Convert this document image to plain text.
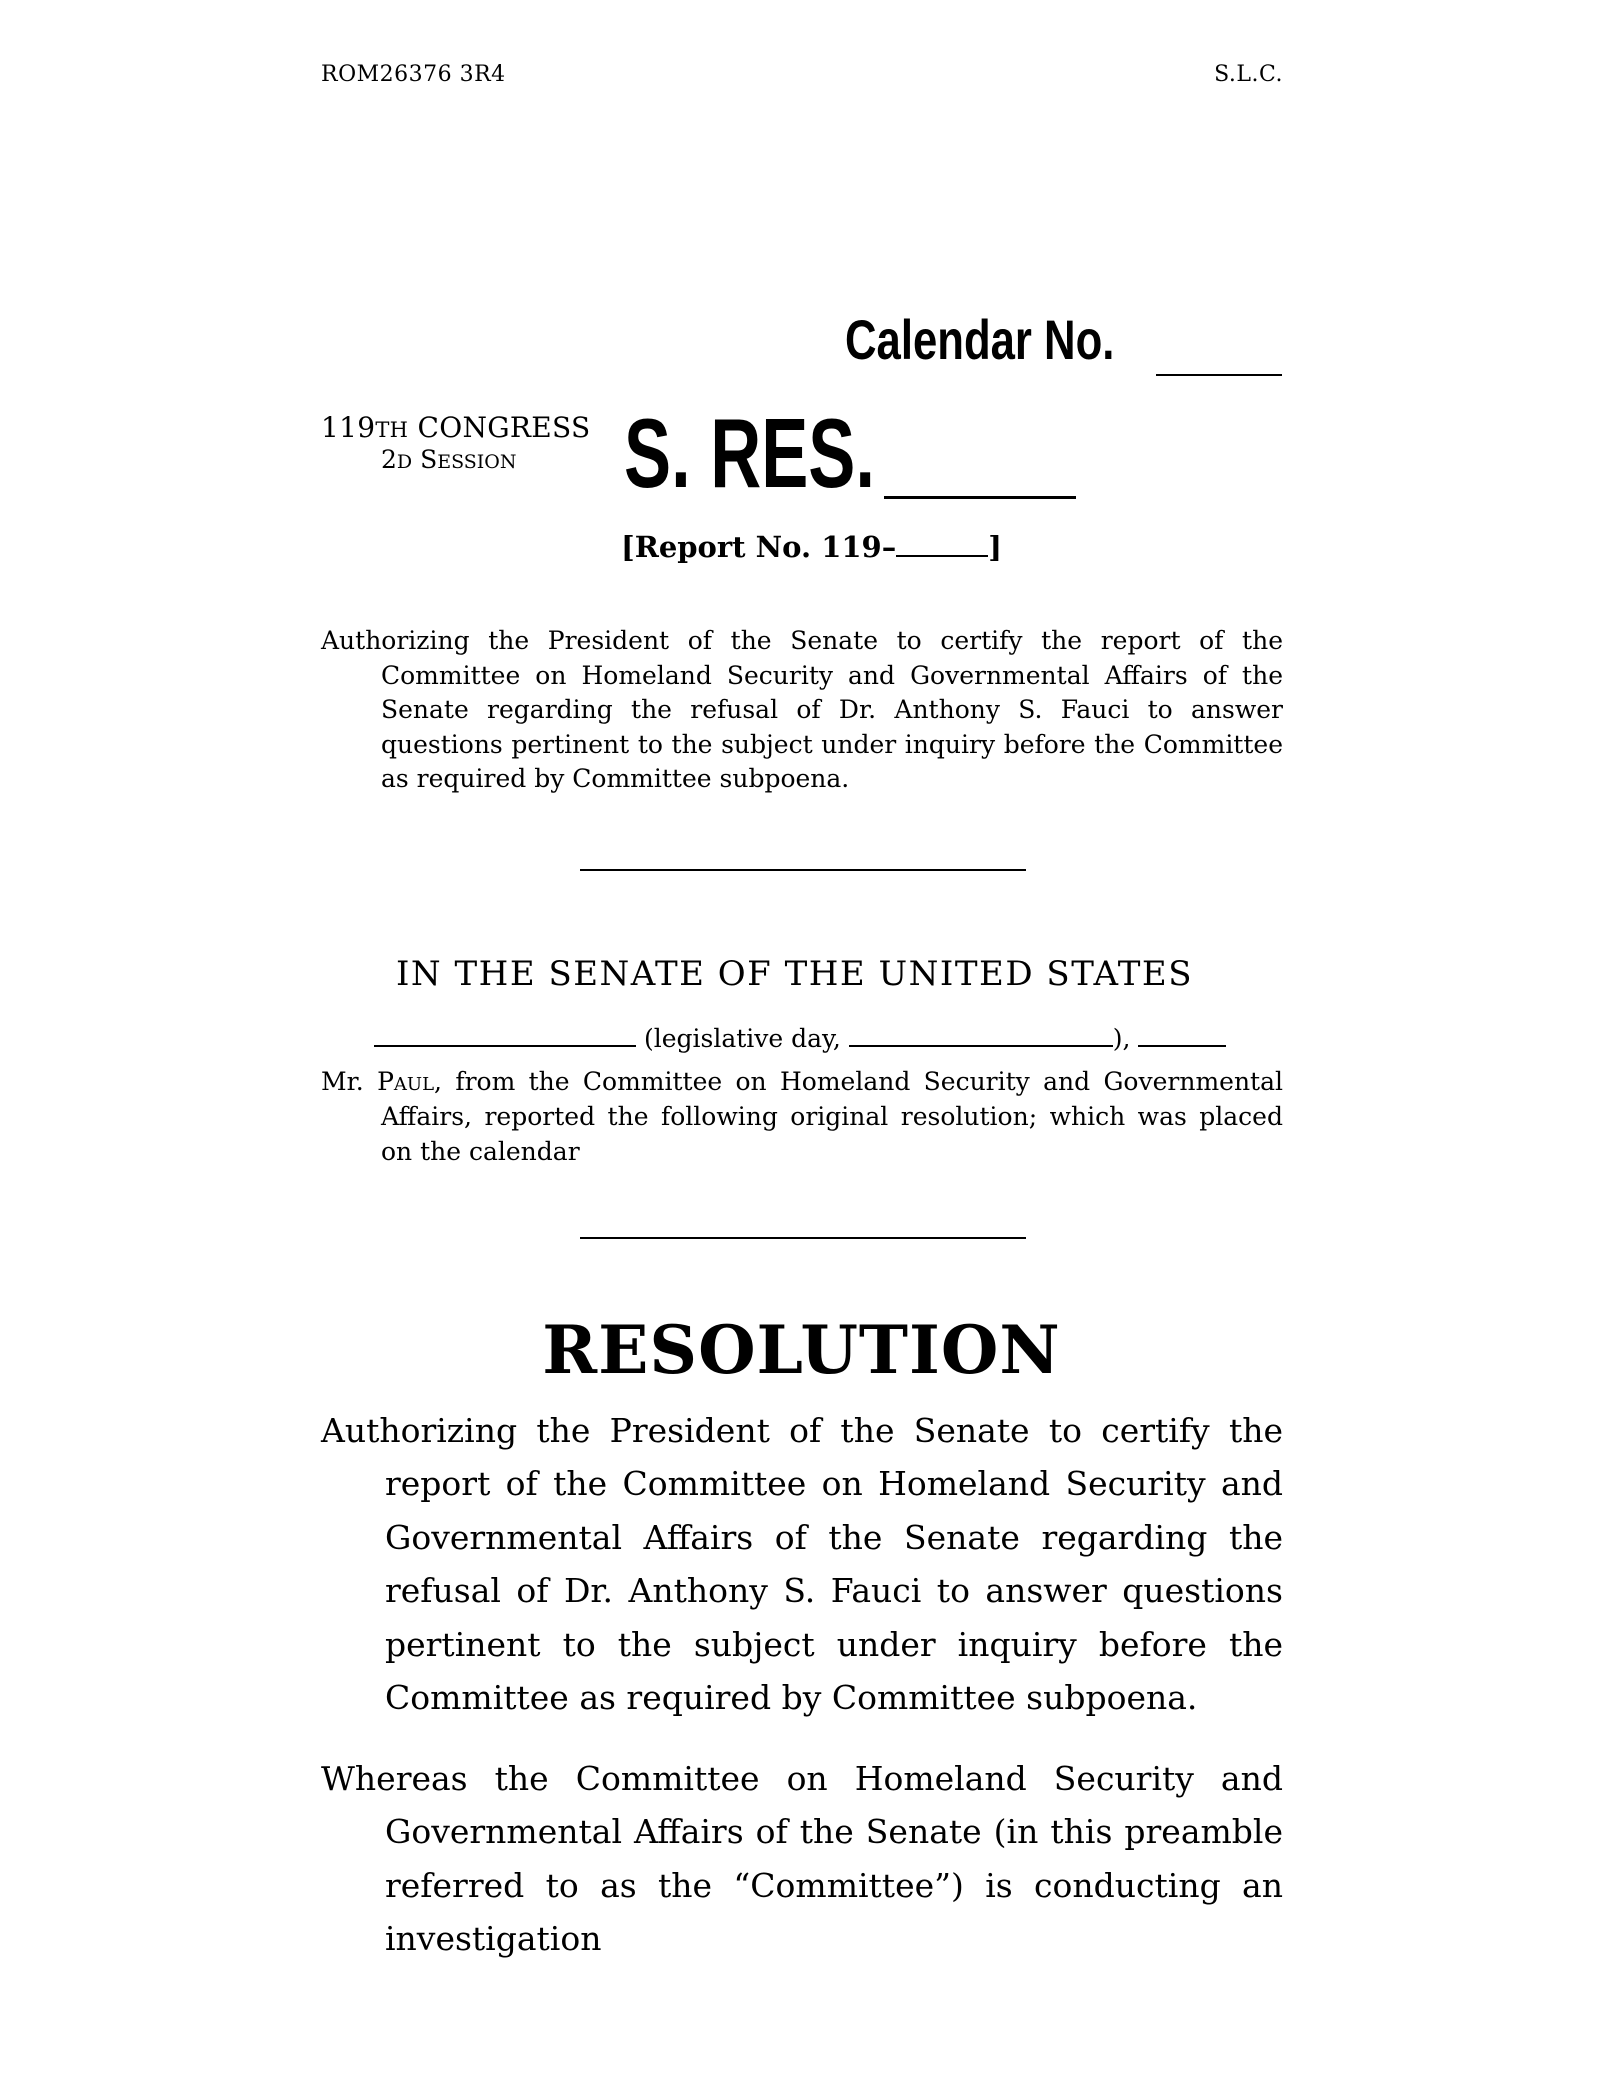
ROM26376 3R4	S.L.C.
Calendar No.
119TH CONGRESS
2D SESSION S. RES.
[Report No. 119–	]
Authorizing the President of the Senate to certify the report of the Committee on Homeland Security and Governmental Affairs of the Senate regarding the refusal of Dr. Anthony S. Fauci to answer questions pertinent to the subject under inquiry before the Committee as required by Committee subpoena.
IN THE SENATE OF THE UNITED STATES
(legislative day,	),
Mr. Paul, from the Committee on Homeland Security and Governmental Affairs, reported the following original resolution; which was placed on the calendar
RESOLUTION
Authorizing the President of the Senate to certify the report of the Committee on Homeland Security and Governmental Affairs of the Senate regarding the refusal of Dr. Anthony S. Fauci to answer questions pertinent to the subject under inquiry before the Committee as required by Committee subpoena.
Whereas the Committee on Homeland Security and Governmental Affairs of the Senate (in this preamble referred to as the “Committee”) is conducting an investigation
